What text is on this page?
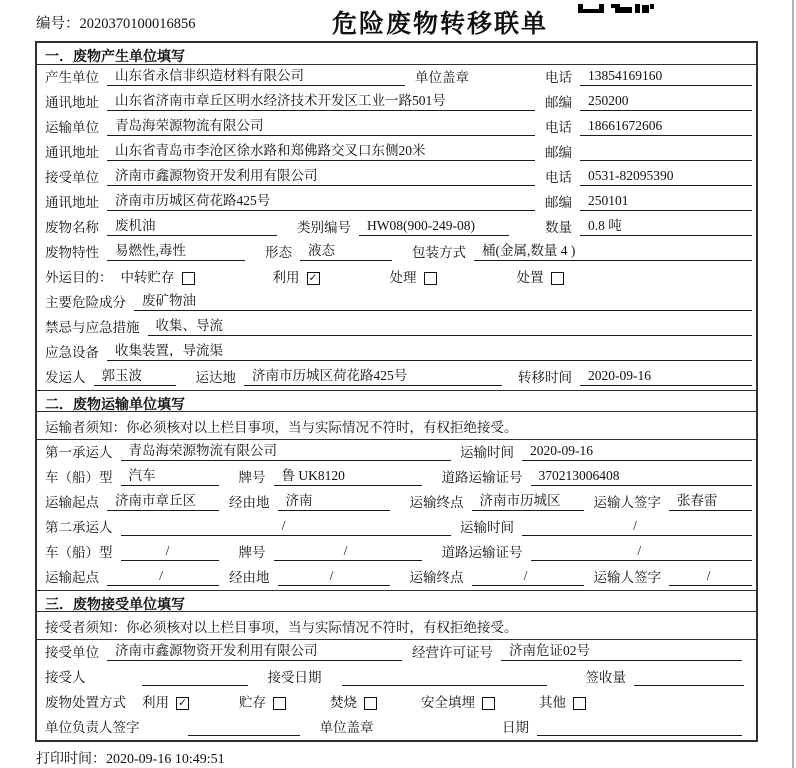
编号：2020370100016856	危险废物转移联单
一．废物产生单位填写
产生单位	山东省永信非织造材料有限公司	单位盖章	电话	13854169160
通讯地址	山东省济南市章丘区明水经济技术开发区工业一路501号	邮编	250200
运输单位	青岛海荣源物流有限公司	电话	18661672606
通讯地址	山东省青岛市李沧区徐水路和郑佛路交叉口东侧20米	邮编
接受单位	济南市鑫源物资开发利用有限公司	电话	0531-82095390
通讯地址	济南市历城区荷花路425号	邮编	250101
废物名称	废机油	类别编号	HW08(900-249-08)	数量	0.8 吨
废物特性	易燃性,毒性	形态	液态	包装方式	桶(金属,数量 4 )
外运目的： 中转贮存	利用 ✓	处理	处置
主要危险成分	废矿物油
禁忌与应急措施	收集、导流
应急设备	收集装置，导流渠
发运人	郭玉波	运达地	济南市历城区荷花路425号	转移时间	2020-09-16
二．废物运输单位填写
运输者须知：你必须核对以上栏目事项，当与实际情况不符时，有权拒绝接受。
第一承运人	青岛海荣源物流有限公司	运输时间	2020-09-16
车（船）型	汽车	牌号	鲁 UK8120	道路运输证号	370213006408
运输起点	济南市章丘区	经由地	济南	运输终点	济南市历城区	运输人签字	张春雷
第二承运人	/	运输时间	/
车（船）型	/	牌号	/	道路运输证号	/
运输起点	/	经由地	/	运输终点	/	运输人签字	/
三．废物接受单位填写
接受者须知：你必须核对以上栏目事项，当与实际情况不符时，有权拒绝接受。
接受单位	济南市鑫源物资开发利用有限公司	经营许可证号	济南危证02号
接受人	接受日期	签收量
废物处置方式 利用 ✓	贮存	焚烧	安全填埋	其他
单位负责人签字	单位盖章	日期
打印时间：2020-09-16 10:49:51
